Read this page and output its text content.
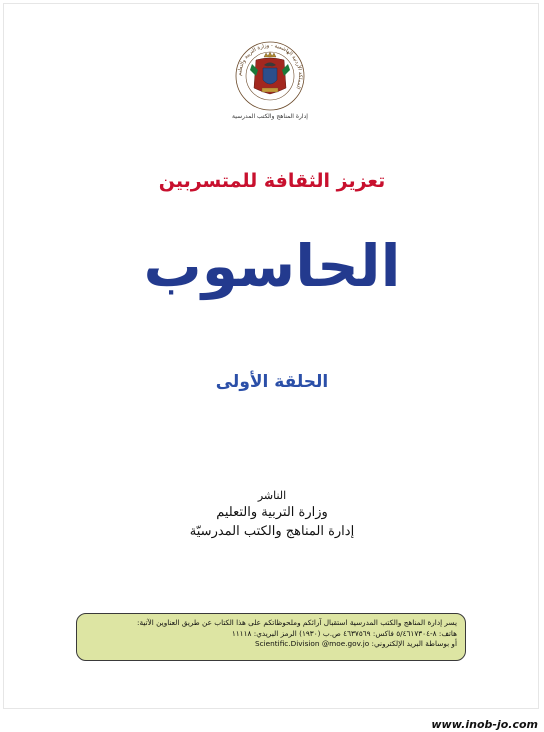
المملكة الأردنية الهاشمية - وزارة التربية والتعليم
إدارة المناهج والكتب المدرسية
تعزيز الثقافة للمتسربين
الحاسوب
الحلقة الأولى
الناشر
وزارة التربية والتعليم
إدارة المناهج والكتب المدرسيّة
يسر إدارة المناهج والكتب المدرسية استقبال آرائكم وملحوظاتكم على هذا الكتاب عن طريق العناوين الآتية:
هاتف: ٨-٥/٤٦١٧٣٠٤ فاكس: ٤٦٣٧٥٦٩ ص.ب (١٩٣٠) الرمز البريدي: ١١١١٨
أو بوساطة البريد الإلكتروني: Scientific.Division @moe.gov.jo
www.inob-jo.com
